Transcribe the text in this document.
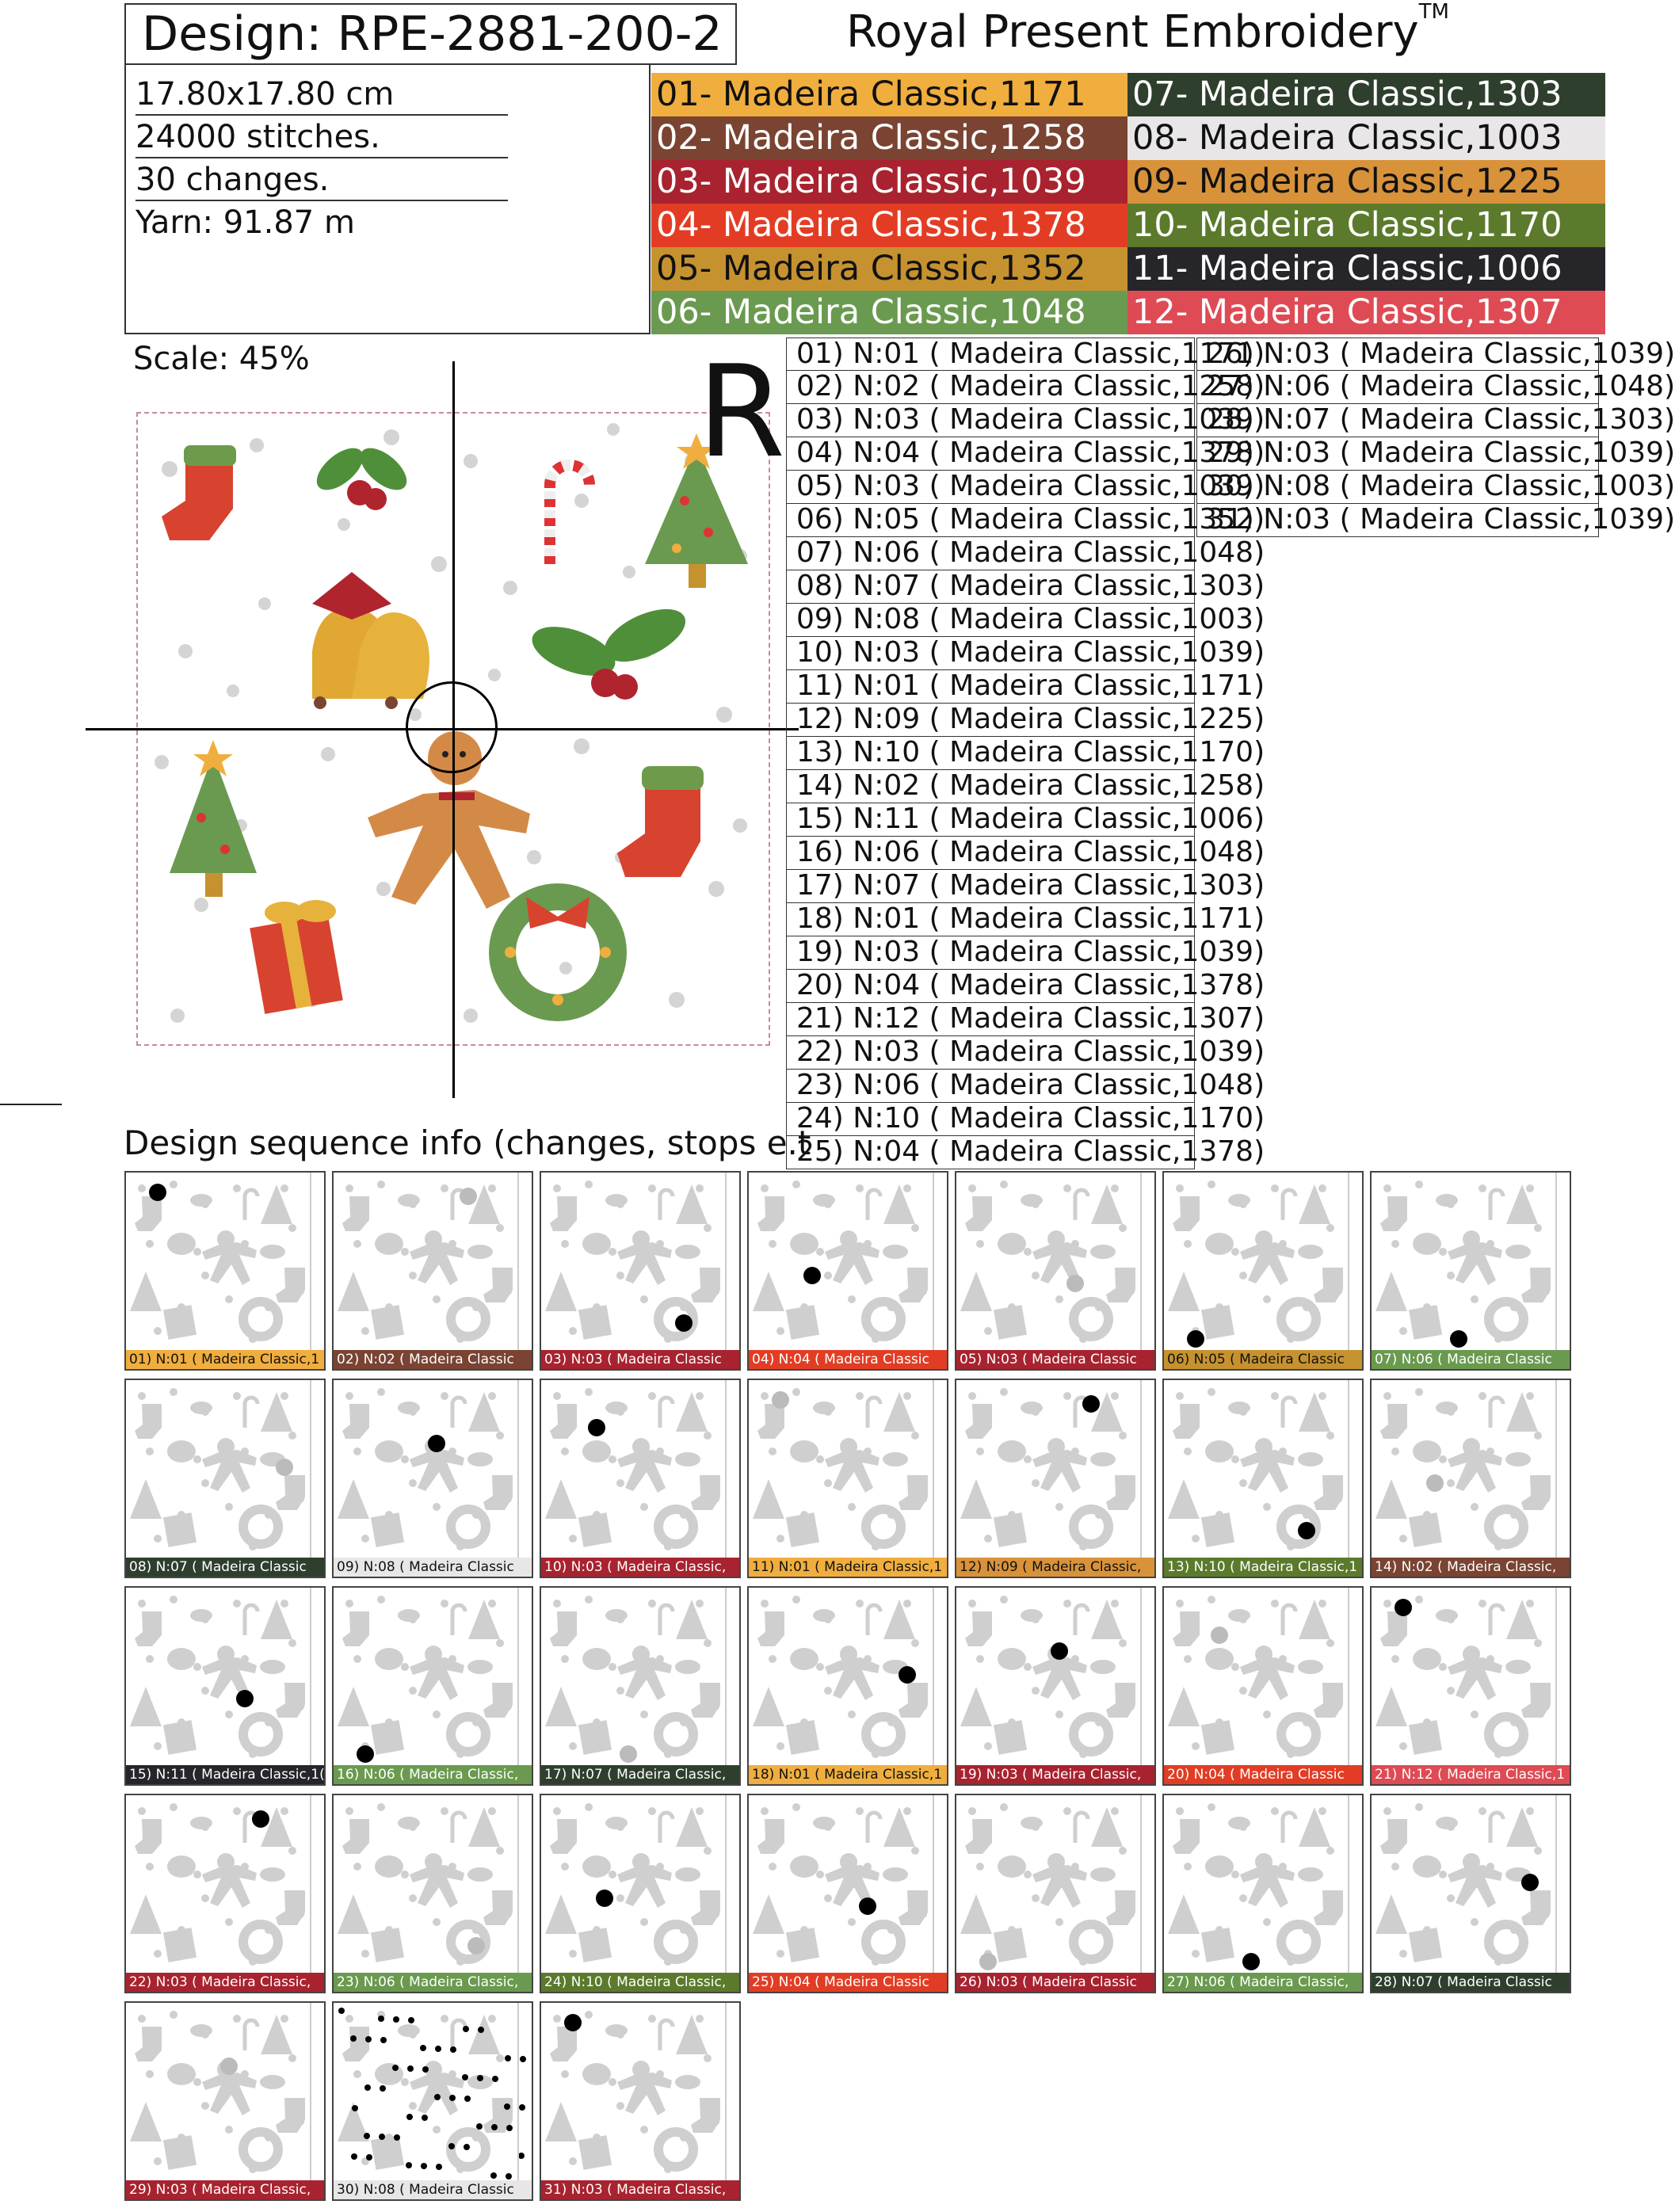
Design: RPE-2881-200-2	Royal Present Embroidery™
17.80x17.80 cm
24000 stitches.
30 changes.
Yarn: 91.87 m
01- Madeira Classic,1171
02- Madeira Classic,1258
03- Madeira Classic,1039
04- Madeira Classic,1378
05- Madeira Classic,1352
06- Madeira Classic,1048
07- Madeira Classic,1303
08- Madeira Classic,1003
09- Madeira Classic,1225
10- Madeira Classic,1170
11- Madeira Classic,1006
12- Madeira Classic,1307
Scale: 45%	R 01) N:01 ( Madeira Classic,1171)
02) N:02 ( Madeira Classic,1258)
03) N:03 ( Madeira Classic,1039)
04) N:04 ( Madeira Classic,1378)
05) N:03 ( Madeira Classic,1039)
06) N:05 ( Madeira Classic,1352)
07) N:06 ( Madeira Classic,1048)
08) N:07 ( Madeira Classic,1303)
09) N:08 ( Madeira Classic,1003)
10) N:03 ( Madeira Classic,1039)
11) N:01 ( Madeira Classic,1171)
12) N:09 ( Madeira Classic,1225)
13) N:10 ( Madeira Classic,1170)
14) N:02 ( Madeira Classic,1258)
15) N:11 ( Madeira Classic,1006)
16) N:06 ( Madeira Classic,1048)
17) N:07 ( Madeira Classic,1303)
18) N:01 ( Madeira Classic,1171)
19) N:03 ( Madeira Classic,1039)
20) N:04 ( Madeira Classic,1378)
21) N:12 ( Madeira Classic,1307)
22) N:03 ( Madeira Classic,1039)
23) N:06 ( Madeira Classic,1048)
24) N:10 ( Madeira Classic,1170)
25) N:04 ( Madeira Classic,1378)
26) N:03 ( Madeira Classic,1039)
27) N:06 ( Madeira Classic,1048)
28) N:07 ( Madeira Classic,1303)
29) N:03 ( Madeira Classic,1039)
30) N:08 ( Madeira Classic,1003)
31) N:03 ( Madeira Classic,1039)
Design sequence info (changes, stops e.t
01) N:01 ( Madeira Classic,1	02) N:02 ( Madeira Classic	03) N:03 ( Madeira Classic	04) N:04 ( Madeira Classic	05) N:03 ( Madeira Classic	06) N:05 ( Madeira Classic	07) N:06 ( Madeira Classic
08) N:07 ( Madeira Classic	09) N:08 ( Madeira Classic	10) N:03 ( Madeira Classic,	11) N:01 ( Madeira Classic,1	12) N:09 ( Madeira Classic,	13) N:10 ( Madeira Classic,1	14) N:02 ( Madeira Classic,
15) N:11 ( Madeira Classic,1( 16) N:06 ( Madeira Classic,	17) N:07 ( Madeira Classic,	18) N:01 ( Madeira Classic,1	19) N:03 ( Madeira Classic,	20) N:04 ( Madeira Classic	21) N:12 ( Madeira Classic,1
22) N:03 ( Madeira Classic,	23) N:06 ( Madeira Classic,	24) N:10 ( Madeira Classic,	25) N:04 ( Madeira Classic	26) N:03 ( Madeira Classic	27) N:06 ( Madeira Classic,	28) N:07 ( Madeira Classic
29) N:03 ( Madeira Classic,	30) N:08 ( Madeira Classic	31) N:03 ( Madeira Classic,
